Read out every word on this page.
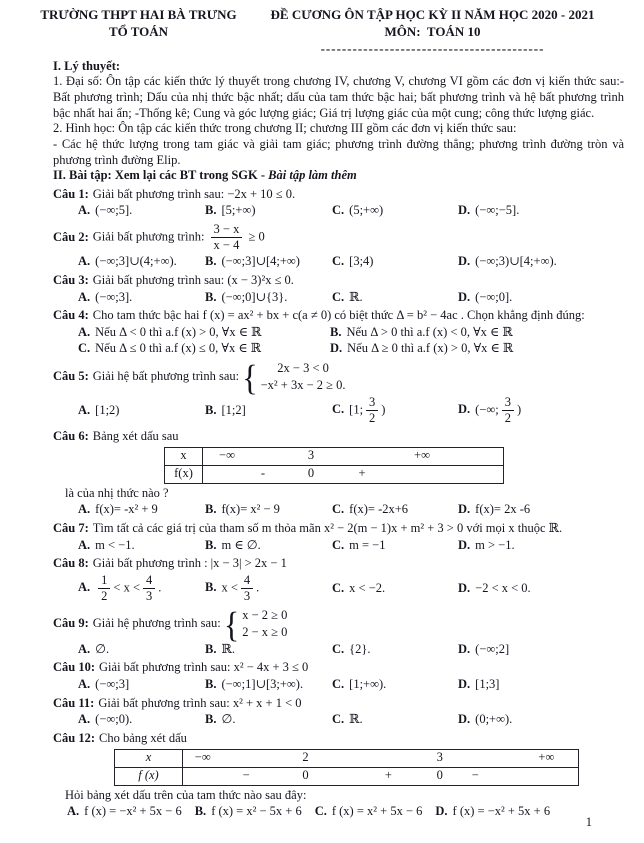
TRƯỜNG THPT HAI BÀ TRƯNG
TỔ TOÁN
ĐỀ CƯƠNG ÔN TẬP HỌC KỲ II NĂM HỌC 2020 - 2021
MÔN:  TOÁN 10
------------------------------------------
I. Lý thuyết:

1. Đại số: Ôn tập các kiến thức lý thuyết trong chương IV, chương V, chương VI gồm các đơn vị kiến thức sau:-Bất phương trình; Dấu của nhị thức bậc nhất; dấu của tam thức bậc hai; bất phương trình và hệ bất phương trình bậc nhất hai ẩn; -Thống kê; Cung và góc lượng giác; Giá trị lượng giác của một cung; công thức lượng giác.

2. Hình học: Ôn tập các kiến thức trong chương II; chương III gồm các đơn vị kiến thức sau:

- Các hệ thức lượng trong tam giác và giải tam giác; phương trình đường thẳng; phương trình đường tròn và phương trình đường Elip.

II. Bài tập: Xem lại các BT trong SGK - Bài tập làm thêm
Câu 1: Giải bất phương trình sau: −2x + 10 ≤ 0.
A. (−∞;5].	B. [5;+∞)	C. (5;+∞)	D. (−∞;−5].
Câu 2: Giải bất phương trình: $\frac{3 - x}{x - 4} \ge 0$
A. (−∞;3]∪(4;+∞).	B. (−∞;3]∪[4;+∞)	C. [3;4)	D. (−∞;3)∪[4;+∞).
Câu 3: Giải bất phương trình sau: (x − 3)²x ≤ 0.
A. (−∞;3].	B. (−∞;0]∪{3}.	C. ℝ.	D. (−∞;0].
Câu 4: Cho tam thức bậc hai f (x) = ax² + bx + c(a ≠ 0) có biệt thức Δ = b² − 4ac . Chọn khẳng định đúng:
A. Nếu Δ < 0 thì a.f (x) > 0, ∀x ∈ ℝ	B. Nếu Δ > 0 thì a.f (x) < 0, ∀x ∈ ℝ
C. Nếu Δ ≤ 0 thì a.f (x) ≤ 0, ∀x ∈ ℝ	D. Nếu Δ ≥ 0 thì a.f (x) > 0, ∀x ∈ ℝ
Câu 5: Giải hệ bất phương trình sau: {	2x − 3 < 0
−x² + 3x − 2 ≥ 0.
A. [1;2)	B. [1;2]	C. [1; $\frac{3}{2}$ )	D. (−∞; $\frac{3}{2}$ )
Câu 6: Bảng xét dấu sau
x	−∞	3	+∞
f(x)	-	0	+
là của nhị thức nào ?
A. f(x)= -x² + 9	B. f(x)= x² − 9	C. f(x)= -2x+6	D. f(x)= 2x -6
Câu 7: Tìm tất cả các giá trị của tham số m thỏa mãn x² − 2(m − 1)x + m² + 3 > 0 với mọi x thuộc ℝ.
A. m < −1.	B. m ∈ ∅.	C. m = −1	D. m > −1.
Câu 8: Giải bất phương trình : |x − 3| > 2x − 1
A. $\frac{1}{2} < x < \frac{4}{3}$ .	B. $x < \frac{4}{3}$ .	C. x < −2.	D. −2 < x < 0.
Câu 9: Giải hệ phương trình sau: { x − 2 ≥ 0
2 − x ≥ 0
A. ∅.	B. ℝ.	C. {2}.	D. (−∞;2]
Câu 10: Giải bất phương trình sau: x² − 4x + 3 ≤ 0
A. (−∞;3]	B. (−∞;1]∪[3;+∞).	C. [1;+∞).	D. [1;3]
Câu 11: Giải bất phương trình sau: x² + x + 1 < 0
A. (−∞;0).	B. ∅.	C. ℝ.	D. (0;+∞).
Câu 12: Cho bảng xét dấu
x	−∞	2	3	+∞
f (x)	−	0	+	0 −
Hỏi bảng xét dấu trên của tam thức nào sau đây:
A. f (x) = −x² + 5x − 6 B. f (x) = x² − 5x + 6 C. f (x) = x² + 5x − 6 D. f (x) = −x² + 5x + 6
1
